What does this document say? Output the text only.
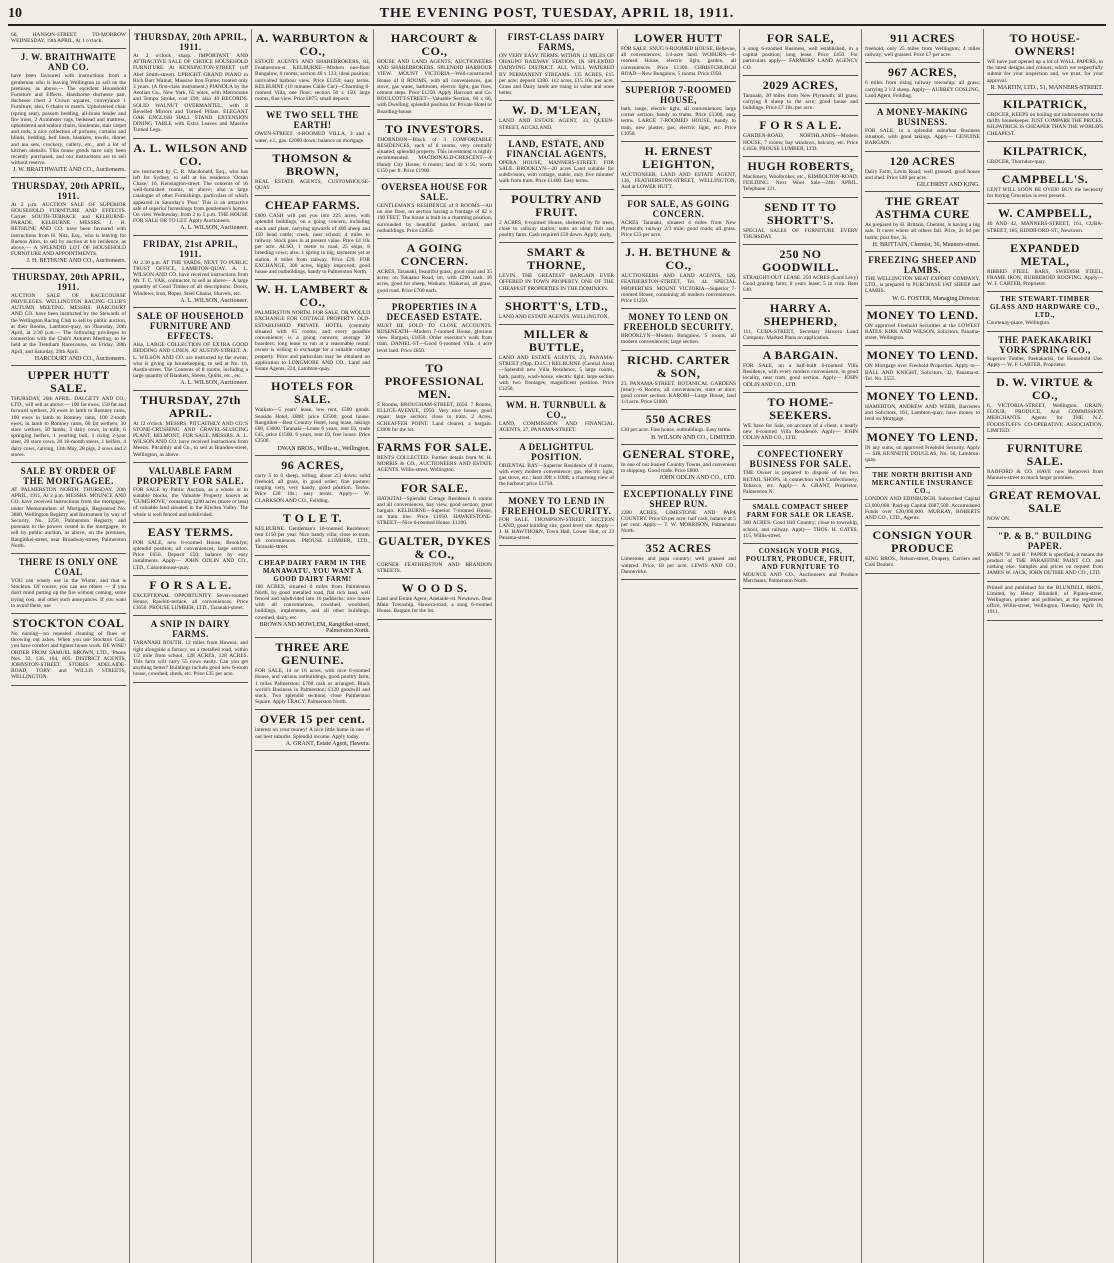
10	THE EVENING POST, TUESDAY, APRIL 18, 1911.
66, HANSON-STREET. TO-MORROW WEDNESDAY, 19th APRIL, At 1 o'clock.
J. W. BRAITHWAITE AND CO.
have been favoured with instructions from a gentleman who is leaving Wellington to sell on the premises, as above,— The excellent Household Furniture and Effects. Handsome duchesse pair, duchesse chest 2 Crown squares, conveyance 1 Furniture; also, 6 chairs to match. Upholstered chair (spring seat), possum bedding, all-brass fender and fire irons, 2 Axminster rugs, bedstead and mattress, upholstered and walnut chairs, linoleums, stair carpet and rods, a nice collection of pictures, curtains and blinds, bedding, bed linen, blankets, towels, dinner and tea sets, crockery, cutlery, etc., and a lot of kitchen utensils. This house goods have only been recently purchased, and our instructions are to sell without reserve.
J. W. BRAITHWAITE AND CO., Auctioneers.
THURSDAY, 20th APRIL, 1911.
At 2 p.m. AUCTION SALE OF SUPERIOR HOUSEHOLD FURNITURE AND EFFECTS. Corner SOUTH-TERRACE and KELBURNE-PARADE, KELBURNE. MESSRS. J. H. BETHUNE AND CO. have been favoured with instructions from H. Nitz, Esq., who is leaving for Buenos Aires, to sell by auction at his residence, as above,— A SPLENDID LOT OF HOUSEHOLD FURNITURE AND APPOINTMENTS.
J. H. BETHUNE AND CO., Auctioneers.
THURSDAY, 20th APRIL, 1911.
AUCTION SALE OF RACECOURSE PRIVILEGES. WELLINGTON RACING CLUB'S AUTUMN MEETING. MESSRS. HARCOURT AND CO. have been instructed by the Stewards of the Wellington Racing Club to sell by public auction, at their Rooms, Lambton-quay, on Thursday, 20th April, at 2.30 p.m.— The following privileges in connection with the Club's Autumn Meeting, to be held at the Trentham Racecourse, on Friday, 28th April, and Saturday, 29th April.
HARCOURT AND CO., Auctioneers.
UPPER HUTT SALE.
THURSDAY, 20th APRIL. DALGETY AND CO., LTD., will sell as above:— 100 fat ewes, 150 fat and forward wethers, 20 ewes in lamb to Romney rams, 100 ewes in lamb to Romney rams, 100 2-tooth ewes, in lamb to Romney rams, 60 fat wethers, 30 store wethers, 50 lambs, 3 dairy cows, in milk, 6 springing heifers, 1 yearling bull, 1 rising 2-year steer, 20 store cows, 20 18-month steers, 1 heifers, 4 dairy cows, calving, 13th May, 28 pigs, 2 sows and 2 stores.
SALE BY ORDER OF THE MORTGAGEE.
AT PALMERSTON NORTH. THURSDAY, 20th APRIL, 1911. At 2 p.m. MESSRS. MOUNCE AND CO. have received instructions from the mortgagee, under Memorandum of Mortgage, Registered No. 3880, Wellington Registry and Instrument by way of Security, No. 3250, Palmerston Registry, and pursuant to the powers vested in the mortgagee, to sell by public auction, as above, on the premises, Rangitikei-street, near Broadway-street, Palmerston North.
THERE IS ONLY ONE COAL
YOU can wisely use in the Winter, and that is Stockton. Of course, you can use others — if you don't mind putting up the fire without coming, some trying cost, and other such annoyances. If you want to avoid these, use
STOCKTON COAL
No nursing—no repeated cleaning of flues or throwing out ashes. When you use Stockton Coal, you have comfort and lighter house work. BE WISE! ORDER FROM SAMUEL BROWN, LTD., 'Phone Nos. 32, 136, 164, 805. DISTRICT AGENTS, JOHNSTON-STREET. STORES: ADELAIDE-ROAD, TORY and WILLIS STREETS, WELLINGTON.
THURSDAY, 20th APRIL, 1911.
At 2 o'clock sharp. IMPORTANT AND ATTRACTIVE SALE OF CHOICE HOUSEHOLD FURNITURE. At KENSINGTON-STREET (off Abel Smith-street). UPRIGHT GRAND PIANO in Rich Burr Walnut, Massive Iron Frame; treated only 3 years. (A first-class instrument.) PIANOLA by the Aeolian Co., New York, 65 notes, with Metronome and Tempo Stroke, cost £90; also 40 RECORDS. SOLID WALNUT OVERMANTEL, with 8 Bevelled Mirrors and Turned Pillars. ELEGANT OAK ENGLISH HALL STAND. EXTENSION DINING TABLE with Extra Leaves and Massive Turned Legs.
A. L. WILSON AND CO.
are instructed by C. R. Macdonald, Esq., who has left for Sydney, to sell at his residence 'Ocean Chase,' 16, Kensington-street. The contents of 16 well-furnished rooms, as above; also a large catalogue of other Furnishings, particulars of which appeared in Saturday's 'Post.' This is an attractive sale of superior furnishings from gentlemen's homes. On view Wednesday, from 2 to 5 p.m. THE HOUSE FOR SALE OR TO LET. Apply Auctioneers.
A. L. WILSON, Auctioneer.
FRIDAY, 21st APRIL, 1911.
At 2.30 p.m. AT THE YARDS, NEXT TO PUBLIC TRUST OFFICE, LAMBTON-QUAY. A. L. WILSON AND CO. have received instructions from Mr. T. C. VAK, contractor, to sell as above— A large quantity of Good Timber of all descriptions: Doors, Windows, Iron, Ropes, Steel Chains, Shovels, etc.
A. L. WILSON, Auctioneer.
SALE OF HOUSEHOLD FURNITURE AND EFFECTS.
Also, LARGE COLLECTION OF EXTRA GOOD BEDDING AND LINEN. AT AUSTIN-STREET. A. L. WILSON AND CO. are instructed by the owner, who is giving up housekeeping, to sell at No. 16, Austin-street. The Contents of 8 rooms, including a large quantity of Blankets, Sheets, Quilts, etc., etc.
A. L. WILSON, Auctioneer.
THURSDAY, 27th APRIL.
At 12 o'clock. MESSRS. PITCAITHLY AND CO.'S STONE-CRUSHING AND GRAVEL-SLUICING PLANT, BELMONT, FOR SALE. MESSRS. A. L. WILSON AND CO. have received instructions from Messrs. Pitcaithly and Co., to sell at Brandon-street, Wellington, as above.
VALUABLE FARM PROPERTY FOR SALE.
FOR SALE by Public Auction, as a whole or in suitable blocks, the Valuable Property known as 'GUMGROVE,' containing 1200 acres (more or less) of valuable land situated in the Kiwitea Valley. The whole is well fenced and subdivided.
EASY TERMS.
FOR SALE, new 6-roomed House, Brooklyn; splendid position; all conveniences; large section. Price £650. Deposit £50; balance by easy instalments. Apply— JOHN ODLIN AND CO., LTD., Customhouse-quay.
F O R S A L E.
EXCEPTIONAL OPPORTUNITY. Seven-roomed House, Rawhiti-terrace, all conveniences. Price £1650. PROUSE LUMBER, LTD., Taranaki-street.
A SNIP IN DAIRY FARMS.
TARANAKI ROUTH. 12 miles from Hawera, and right alongside a factory, on a metalled road, within 1/2 mile from school. 128 ACRES, 128 ACRES. This farm will carry 55 cows easily. Can you get anything better? Buildings include good new 6-room house, cowshed, sheds, etc. Price £35 per acre.
A. WARBURTON & CO.,
ESTATE AGENTS AND SHAREBROKERS, 84, Featherston-st. KELBURNE—Modern one-floor Bungalow, 6 rooms; section 40 x 133; ideal position; unrivalled harbour view. Price £1250; easy terms. KELBURNE (10 minutes Cable Car)—Charming 6-roomed Villa, one floor; section 50 x 150; large rooms, fine view. Price £875; small deposit.
WE TWO SELL THE EARTH!
OWEN-STREET. 4-ROOMED VILLA, 3 and a water, e.l., gas. £2000 down; balance on mortgage.
THOMSON & BROWN,
REAL ESTATE AGENTS, CUSTOMHOUSE-QUAY.
CHEAP FARMS.
£600 CASH will put you into 225 acres, with splendid buildings, on a going concern, including stock and plant, carrying upwards of 400 sheep and 150 head cattle; creek, near school; 4 miles to railway. Stock goes in at present value. Price £4 10s per acre. ALSO, 1 metre to road, 25 ships, 8 breeding cows; also, 1 spring in big, tayments yet at station. 8 miles from railway, Price £20. FOR EXCHANGE, 300 acres, highly improved; good house and outbuildings, handy to Palmerston North.
W. H. LAMBERT & CO.,
PALMERSTON NORTH. FOR SALE, OR WOULD EXCHANGE FOR COTTAGE PROPERTY. OLD-ESTABLISHED PRIVATE HOTEL (centrally situated with 65 rooms, and every possible convenience; is a going concern; average 30 boarders; long lease to run at a reasonable rental; owner is willing to exchange for a suitable cottage property. Price and particulars may be obtained on application to LONGMORE AND CO., Land and Estate Agents, 224, Lambton-quay.
HOTELS FOR SALE.
Waikato—5 years' lease, low rent, £500 goods. Seaside Hotel, £800; price £3500; good house. Rangitikei—Best Country Hotel, long lease, takings £80, £3000. Taranaki—Lease 6 years, rent £6, trade £45, price £1500. 6 years, rent £9, free house. Price £2500.
DWAN BROS., Willis-st., Wellington.
96 ACRES,
carry 5 to 6 sheep, rolling, about 2/3 down; solid freehold, all grass, in good order; fine pasture; ranging very, very handy, good position. Terms. Price £28 10s.; easy terms. Apply— W. CLARKSON AND CO., Feilding.
T O L E T.
KELBURNE. Gentleman's 10-roomed Residence; rent £150 per year. Nice handy villa; close to tram, all conveniences. PROUSE LUMBER, LTD., Taranaki-street.
CHEAP DAIRY FARM IN THE MANAWATU. YOU WANT A GOOD DAIRY FARM!
180 ACRES, situated 6 miles from Palmerston North, by good metalled road, flat rich land, well fenced and subdivided into 16 paddocks; nice house with all conveniences, cowshed, woolshed, buildings, implements, and all other buildings; cowshed, dairy, etc.
BROWN AND MOWLEM, Rangitikei-street, Palmerston North.
THREE ARE GENUINE.
FOR SALE, 14 or 16 acres, with nice 6-roomed House, and various outbuildings, good poultry farm; 1 miles Palmerston; £700 cash or arranged. Black world's Business in Palmerston; £120 goodwill and stock. Two splendid sections, close Palmerston Square. Apply TRACY, Palmerston North.
OVER 15 per cent.
interest on your money! A nice little home in one of our best suburbs. Splendid income. Apply today.
A. GRANT, Estate Agent, Hawera.
HARCOURT & CO.,
HOUSE AND LAND AGENTS, AUCTIONEERS AND SHAREBROKERS. SPLENDID HARBOUR VIEW. MOUNT VICTORIA—Well-constructed House of 8 ROOMS, with all conveniences, gas stove, gas water, bathroom, electric light, gas fires, cement steps. Price £1250. Apply Harcourt and Co. BOULCOTT-STREET—Valuable Section, 66 x 66, with Dwelling; splendid position for Private Hotel or Boarding-house.
TO INVESTORS.
THORNDON—Block of 3 COMFORTABLE RESIDENCES, each of 8 rooms, very centrally situated; splendid property. This investment is highly recommended. MACDONALD-CRESCENT—A Handy City House, 6 rooms; land 40 x 95; worth £150 per ft. Price £1900.
OVERSEA HOUSE FOR SALE.
GENTLEMAN'S RESIDENCE of 9 ROOMS—All on one floor, on section having a frontage of 82 x 190 FEET. The house is built in a charming position, surrounded by beautiful garden, orchard, and outbuildings. Price £2850.
A GOING CONCERN.
ACRES, Taranaki, beautiful grass, good road and 35 acres: on Tokaanu Road, lot, with £200 cash. 16 acres, good for sheep, Waikato, Waikenui, all grass, good road. Price £700 each.
PROPERTIES IN A DECEASED ESTATE.
MUST BE SOLD TO CLOSE ACCOUNTS. ROSENEATH—Modern 7-roomed House, glorious view. Bargain, £1850. Order executor's walk from tram. DANIEL-ST—Good 6-roomed Villa. 4 acre level land. Price £850.
TO PROFESSIONAL MEN.
5 Rooms, BROUGHAM-STREET, £650. 7 Rooms, ELLICE-AVENUE, £950. Very nice house; good repair; large section; close to tram. 2 Acres, SCHEAFFER POINT. Land cleared, a bargain. £1800 for the lot.
FARMS FOR SALE.
RENTS COLLECTED. Further details from W. H. MORRIS & CO., AUCTIONEERS AND ESTATE AGENTS. Willis-street, Wellington.
FOR SALE.
HATAITAI—Splendid Cottage Residence 6 rooms and all conveniences, bay view, good section; great bargain. KELBURNE—Superior 7-roomed House, on tram line. Price £1050. HAWKESTONE-STREET—Nice 6-roomed House. £1200.
GUALTER, DYKES & CO.,
CORNER FEATHERSTON AND BRANDON STREETS.
W O O D S.
Land and Estate Agent, Adelaide-rd. Newtown. Dear Main Township, Hawera-road, a snug 6-roomed House. Bargain for the lot.
FIRST-CLASS DAIRY FARMS,
ON VERY EASY TERMS. WITHIN 12 MILES OF OHAUPO RAILWAY STATION. IN SPLENDID DAIRYING DISTRICT. ALL WELL WATERED BY PERMANENT STREAMS. 135 ACRES, £15 per acre; deposit £300. 112 acres, £15 10s. per acre. Grass and Dairy lands are rising in value and none better.
W. D. M'LEAN,
LAND AND ESTATE AGENT, 33, QUEEN-STREET, AUCKLAND.
LAND, ESTATE, AND FINANCIAL AGENTS,
OPERA HOUSE, MANNERS-STREET. FOR SALE. BROOKLYN—20 acres Land suitable for subdivision, with cottage, stable, only five minutes' walk from tram. Price £1400. Easy terms.
POULTRY AND FRUIT.
2 ACRES, 6-roomed House, sheltered by fir trees, close to railway station; suits an ideal fruit and poultry farm. Cash required £50 down. Apply, early,
SMART & THORNE,
LEVIN. THE GREATEST BARGAIN EVER OFFERED IN TOWN PROPERTY. ONE OF THE CHEAPEST PROPERTIES IN THE DOMINION.
SHORTT'S, LTD.,
LAND AND ESTATE AGENTS, WELLINGTON.
MILLER & BUTTLE,
LAND AND ESTATE AGENTS, 23, PANAMA-STREET (Opp. D.I.C.) KELBURNE (Central Area)—Splendid new Villa Residence, 5 large rooms, bath, pantry, wash-house, electric light; large section with two frontages; magnificent position. Price £1250.
WM. H. TURNBULL & CO.,
LAND, COMMISSION AND FINANCIAL AGENTS, 27, PANAMA-STREET.
A DELIGHTFUL POSITION.
ORIENTAL BAY—Superior Residence of 8 rooms, with every modern convenience; gas, electric light, gas stove, etc.; land 30ft x 100ft; a charming view of the harbour; price £1750.
MONEY TO LEND IN FREEHOLD SECURITY.
FOR SALE, THOMPSON-STREET. SECTION LAND, good building site, good level site. Apply— J. H. HAWTHORN, Town Hall, Lower Hutt, or 23 Panama-street.
LOWER HUTT
FOR SALE. SNUG 6-ROOMED HOUSE, Bellevue, all conveniences; 1/4-acre land. WOBURN—6-roomed House, electric light, garden, all conveniences. Price £1300. CHRISTCHURCH ROAD—New Bungalow, 5 rooms. Price £950.
SUPERIOR 7-ROOMED HOUSE,
bath, range, electric light, all conveniences; large corner section, handy to trams. Price £1300, easy terms. LARGE 7-ROOMED HOUSE, handy to tram, new plaster, gas, electric light, etc. Price £1050.
H. ERNEST LEIGHTON,
AUCTIONEER, LAND AND ESTATE AGENT, 136, FEATHERSTON-STREET, WELLINGTON, And at LOWER HUTT.
FOR SALE, AS GOING CONCERN.
ACRES Taranaki, situated 4 miles from New Plymouth; railway 2/3 mile; good roads; all grass. Price £23 per acre.
J. H. BETHUNE & CO.,
AUCTIONEERS AND LAND AGENTS, 126, FEATHERSTON-STREET, Tel. 44. SPECIAL PROPERTIES. MOUNT VICTORIA—Superior 7-roomed House, containing all modern conveniences. Price £1250.
MONEY TO LEND ON FREEHOLD SECURITY.
BROOKLYN—Modern Bungalow, 5 rooms, all modern conveniences; large section.
RICHD. CARTER & SON,
23, PANAMA-STREET. BOTANICAL GARDENS (near)—6 Rooms, all conveniences, tram at door; good corner section. KARORI—Large House, land 1/4 acre. Price £1000.
550 ACRES
£30 per acre. Fine house, outbuildings. Easy terms.
B. WILSON AND CO., LIMITED.
GENERAL STORE,
In one of our busiest Country Towns, and convenient to shipping. Good trade. Price £800.
JOHN ODLIN AND CO., LTD.
EXCEPTIONALLY FINE SHEEP RUN.
2280 ACRES, LIMESTONE AND PAPA COUNTRY. Price £6 per acre; half cash, balance at 5 per cent. Apply— T. W. MORRISON, Palmerston North.
352 ACRES
Limestone and papa country; well grassed and watered. Price, £8 per acre. LEWIS AND CO., Dannevirke.
FOR SALE,
a snug 6-roomed Business, well established, in a capital position; long lease. Price £450. For particulars apply— FARMERS' LAND AGENCY CO.
2029 ACRES,
Taranaki, 20 miles from New Plymouth; all grass, carrying 8 sheep to the acre; good house and buildings. Price £7 10s. per acre.
F O R S A L E.
GARDEN-ROAD, NORTHLANDS—Modern HOUSE, 7 rooms; bay windows, balcony, etc. Price £1650. PROUSE LUMBER, LTD.
HUGH ROBERTS,
Machinery, Woolbroker, etc., KIMBOLTON-ROAD, FEILDING. Next Wool Sale—24th APRIL. Telephone 121.
SEND IT TO SHORTT'S.
SPECIAL SALES OF FURNITURE EVERY THURSDAY.
250 NO GOODWILL.
STRAIGHT-OUT LEASE. 250 ACRES (Lord Levy) Good grazing farm; 8 years lease; 5 in crop. Rent £40.
HARRY A. SHEPHERD,
111, CUBA-STREET, Secretary Hawera Land Company. Marked Plans on application.
A BARGAIN.
FOR SALE, on a half-built 6-roomed Villa Residence, with every modern convenience, in good locality, near tram; good section. Apply— JOHN ODLIN AND CO., LTD.
TO HOME-SEEKERS.
WE have for Sale, on account of a client, a nearly new 6-roomed Villa Residence. Apply— JOHN ODLIN AND CO., LTD.
CONFECTIONERY BUSINESS FOR SALE.
THE Owner is prepared to dispose of his two RETAIL SHOPS, in connection with Confectionery, Tobacco, etc. Apply— A. GRANT, Proprietor, Palmerston N.
SMALL COMPACT SHEEP FARM FOR SALE OR LEASE.
300 ACRES. Good Hill Country; close to township, school, and railway. Apply— THOS. H. GATES, 115, Willis-street.
CONSIGN YOUR PIGS, POULTRY, PRODUCE, FRUIT, AND FURNITURE TO
MOUNCE AND CO., Auctioneers and Produce Merchants, Palmerston North.
911 ACRES
freehold, only 25 miles from Wellington; 4 miles railway; well grassed. Price £7 per acre.
967 ACRES,
6 miles from rising railway township; all grass; carrying 2 1/2 sheep. Apply— AUBREY GOSLING, Land Agent, Feilding.
A MONEY-MAKING BUSINESS.
FOR SALE, in a splendid suburban Business situation, with good takings. Apply— GENUINE BARGAIN.
120 ACRES
Dairy Farm, Levin Road; well grassed; good house and shed. Price £40 per acre.
GILCHRIST AND KING.
THE GREAT ASTHMA CURE
As prepared by H. Brittain, Chemist, is having a big sale. It cures where all others fail. Price, 2s 6d per bottle; post free, 3s.
H. BRITTAIN, Chemist, 36, Manners-street.
FREEZING SHEEP AND LAMBS.
THE WELLINGTON MEAT EXPORT COMPANY, LTD., is prepared to PURCHASE FAT SHEEP and LAMBS.
W. G. FOSTER, Managing Director.
MONEY TO LEND.
ON approved Freehold Securities at the LOWEST RATES. KIRK AND WILSON, Solicitors, Panama-street, Wellington.
MONEY TO LEND.
ON Mortgage over Freehold Properties. Apply to— BALL AND KNIGHT, Solicitors, 32, Panama-st. Tel. No. 2555.
MONEY TO LEND.
HAMERTON, ANDREW AND WEBB, Barristers and Solicitors, 161, Lambton-quay, have money to lend on Mortgage.
MONEY TO LEND.
IN any sums, on approved Freehold Security. Apply— SIR KENNETH DOUGLAS, No. 56, Lambton-quay.
THE NORTH BRITISH AND MERCANTILE INSURANCE CO.,
LONDON AND EDINBURGH. Subscribed Capital £3,000,000. Paid-up Capital £687,500. Accumulated Funds over £20,000,000. MURRAY, ROBERTS AND CO., LTD., Agents.
CONSIGN YOUR PRODUCE
KING BROS., Nelson-street, Drapery, Carriers and Coal Dealers.
TO HOUSE-OWNERS!
WE have just opened up a lot of WALL PAPERS, in the latest designs and colours, which we respectfully submit for your inspection and, we trust, for your approval.
R. MARTIN, LTD., 51, MANNERS-STREET.
KILPATRICK,
GROCER, KEEPS on hoiling out inducements to the thrifty housekeeper. JUST COMPARE THE PRICES. KILPATRICK IS CHEAPER THAN THE WORLD'S CHEAPEST.
KILPATRICK,
GROCER, Thorndon-quay.
CAMPBELL'S.
LENT WILL SOON BE OVER! BUY the necessity for buying Groceries is ever present.
W. CAMPBELL,
40 AND 42, MANNERS-STREET, 161, CUBA-STREET, 185, RIDDIFORD-ST., Newtown.
EXPANDED METAL,
RIBBED STEEL BARS, SWEDISH STEEL, FRAME IRON, RUBBEROID ROOFING. Apply— W. F. CARTER, Proprietor.
THE STEWART-TIMBER GLASS AND HARDWARE CO., LTD.,
Courtenay-place, Wellington.
THE PAEKAKARIKI YORK SPRING CO.,
Superior Timber, Paekakariki, for Household Use. Apply— W. F. CARTER, Proprietor.
D. W. VIRTUE & CO.,
6, VICTORIA-STREET, Wellington. GRAIN, FLOUR, PRODUCE, And COMMISSION MERCHANTS. Agents for THE N.Z. FOODSTUFFS CO-OPERATIVE ASSOCIATION, LIMITED.
FURNITURE SALE.
RADFORD & CO. HAVE now Removed from Manners-street to much larger premises.
GREAT REMOVAL SALE
NOW ON.
"P. & B." BUILDING PAPER.
WHEN "P. and B." PAPER is specified, it means the product of THE PARAFFINE PAINT CO. and nothing else. Samples and prices on request from JAMES W. JACK, JOHN DUTHIE AND CO., LTD.
Printed and published for the BLUNDELL BROS., Limited, by Henry Blundell, of Pipitea-street, Wellington, printer and publisher, at the registered office, Willis-street, Wellington, Tuesday, April 18, 1911.
